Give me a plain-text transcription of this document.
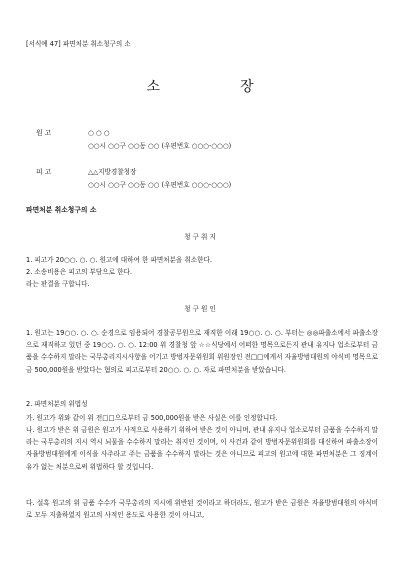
[서식예 47] 파면처분 취소청구의 소
소	장
원 고	○ ○ ○
○○시 ○○구 ○○동 ○○ (우편번호 ○○○-○○○)
피 고	△△지방경찰청장
○○시 ○○구 ○○동 ○○ (우편번호 ○○○-○○○)
파면처분 취소청구의 소
청 구 취 지
1. 피고가 20○○. ○. ○. 원고에 대하여 한 파면처분을 취소한다.
2. 소송비용은 피고의 부담으로 한다.
라는 판결을 구합니다.
청 구 원 인
1. 원고는 19○○. ○. ○. 순경으로 임용되어 경찰공무원으로 재직한 이래 19○○. ○. ○. 부터는 ◎◎파출소에서 파출소장으로 재직하고 있던 중 19○○. ○. ○. 12:00 위 경찰청 앞 ☆☆식당에서 어떠한 명목으로든지 관내 유지나 업소로부터 금품을 수수하지 말라는 국무총리지시사항을 어기고 방범자문위원회 위원장인 전□□에게서 자율방범대원의 야식비 명목으로 금 500,000원을 받았다는 혐의로 피고로부터 20○○. ○. ○. 자로 파면처분을 받았습니다.
2. 파면처분의 위법성
가. 원고가 위와 같이 위 전□□으로부터 금 500,000원을 받은 사실은 이를 인정합니다.
나. 원고가 받은 위 금원은 원고가 사적으로 사용하기 위하여 받은 것이 아니며, 관내 유지나 업소로부터 금품을 수수하지 말라는 국무총리의 지시 역시 뇌물을 수수하지 말라는 취지인 것이며, 이 사건과 같이 방범자문위원회를 대신하여 파출소장이 자율방범대원에게 이식을 사주라고 주는 금품을 수수하지 말라는 것은 아니므로 피고의 원고에 대한 파면처분은 그 징계이유가 없는 처분으로써 위법하다 할 것입니다.
다. 설혹 원고의 위 금품 수수가 국무총리의 지시에 위반된 것이라고 하더라도, 원고가 받은 금원은 자율방범대원의 야식비로 모두 지출하였지 원고의 사적인 용도로 사용한 것이 아니고,
